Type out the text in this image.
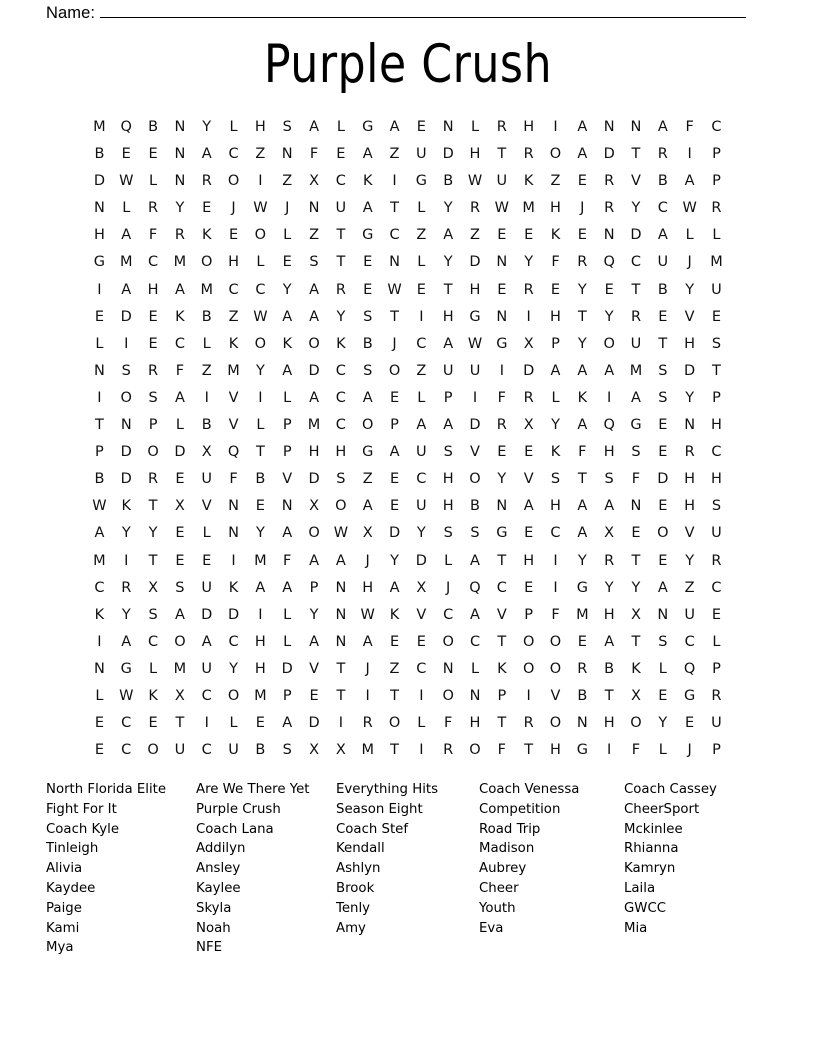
Name:
Purple Crush
M	Q	B	N	Y	L	H	S	A	L	G	A	E	N	L	R	H	I	A	N	N	A	F	C
B	E	E	N	A	C	Z	N	F	E	A	Z	U	D	H	T	R	O	A	D	T	R	I	P
D W	L	N	R	O	I	Z	X	C	K	I	G	B	W U	K	Z	E	R	V	B	A	P
N	L	R	Y	E	J	W	J	N	U	A	T	L	Y	R	W M	H	J	R	Y	C	W	R
H	A	F	R	K	E	O	L	Z	T	G	C	Z	A	Z	E	E	K	E	N	D	A	L	L
G	M	C	M	O	H	L	E	S	T	E	N	L	Y	D	N	Y	F	R	Q	C	U	J	M
I	A	H	A	M	C	C	Y	A	R	E	W	E	T	H	E	R	E	Y	E	T	B	Y	U
E	D	E	K	B	Z	W	A	A	Y	S	T	I	H	G	N	I	H	T	Y	R	E	V	E
L	I	E	C	L	K	O	K	O	K	B	J	C	A	W G	X	P	Y	O	U	T	H	S
N	S	R	F	Z	M	Y	A	D	C	S	O	Z	U	U	I	D	A	A	A	M	S	D	T
I	O	S	A	I	V	I	L	A	C	A	E	L	P	I	F	R	L	K	I	A	S	Y	P
T	N	P	L	B	V	L	P	M	C	O	P	A	A	D	R	X	Y	A	Q	G	E	N	H
P	D	O	D	X	Q	T	P	H	H	G	A	U	S	V	E	E	K	F	H	S	E	R	C
B	D	R	E	U	F	B	V	D	S	Z	E	C	H	O	Y	V	S	T	S	F	D	H	H
W	K	T	X	V	N	E	N	X	O	A	E	U	H	B	N	A	H	A	A	N	E	H	S
A	Y	Y	E	L	N	Y	A	O W	X	D	Y	S	S	G	E	C	A	X	E	O	V	U
M	I	T	E	E	I	M	F	A	A	J	Y	D	L	A	T	H	I	Y	R	T	E	Y	R
C	R	X	S	U	K	A	A	P	N	H	A	X	J	Q	C	E	I	G	Y	Y	A	Z	C
K	Y	S	A	D	D	I	L	Y	N W	K	V	C	A	V	P	F	M	H	X	N	U	E
I	A	C	O	A	C	H	L	A	N	A	E	E	O	C	T	O	O	E	A	T	S	C	L
N	G	L	M	U	Y	H	D	V	T	J	Z	C	N	L	K	O	O	R	B	K	L	Q	P
L	W	K	X	C	O	M	P	E	T	I	T	I	O	N	P	I	V	B	T	X	E	G	R
E	C	E	T	I	L	E	A	D	I	R	O	L	F	H	T	R	O	N	H	O	Y	E	U
E	C	O	U	C	U	B	S	X	X	M	T	I	R	O	F	T	H	G	I	F	L	J	P
North Florida Elite
Fight For It
Coach Kyle
Tinleigh
Alivia
Kaydee
Paige
Kami
Mya
Are We There Yet
Purple Crush
Coach Lana
Addilyn
Ansley
Kaylee
Skyla
Noah
NFE
Everything Hits
Season Eight
Coach Stef
Kendall
Ashlyn
Brook
Tenly
Amy
Coach Venessa
Competition
Road Trip
Madison
Aubrey
Cheer
Youth
Eva
Coach Cassey
CheerSport
Mckinlee
Rhianna
Kamryn
Laila
GWCC
Mia
